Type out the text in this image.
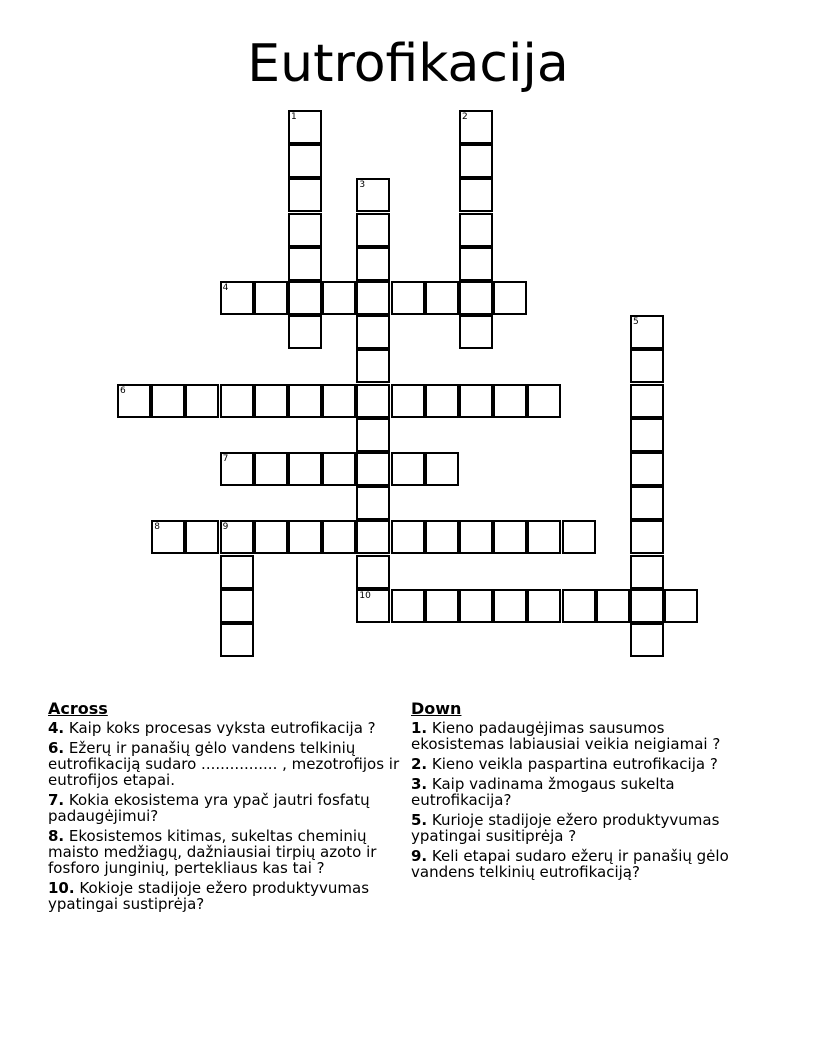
Eutrofikacija
1	2
3
10
4
5
6
7
8	9
Across
4. Kaip koks procesas vyksta eutrofikacija ?
6. Ežerų ir panašių gėlo vandens telkinių eutrofikaciją sudaro ................ , mezotrofijos ir eutrofijos etapai.
7. Kokia ekosistema yra ypač jautri fosfatų padaugėjimui?
8. Ekosistemos kitimas, sukeltas cheminių maisto medžiagų, dažniausiai tirpių azoto ir fosforo junginių, pertekliaus kas tai ?
10. Kokioje stadijoje ežero produktyvumas ypatingai sustiprėja?
Down
1. Kieno padaugėjimas sausumos ekosistemas labiausiai veikia neigiamai ?
2. Kieno veikla paspartina eutrofikacija ?
3. Kaip vadinama žmogaus sukelta eutrofikacija?
5. Kurioje stadijoje ežero produktyvumas ypatingai susitiprėja ?
9. Keli etapai sudaro ežerų ir panašių gėlo vandens telkinių eutrofikaciją?
